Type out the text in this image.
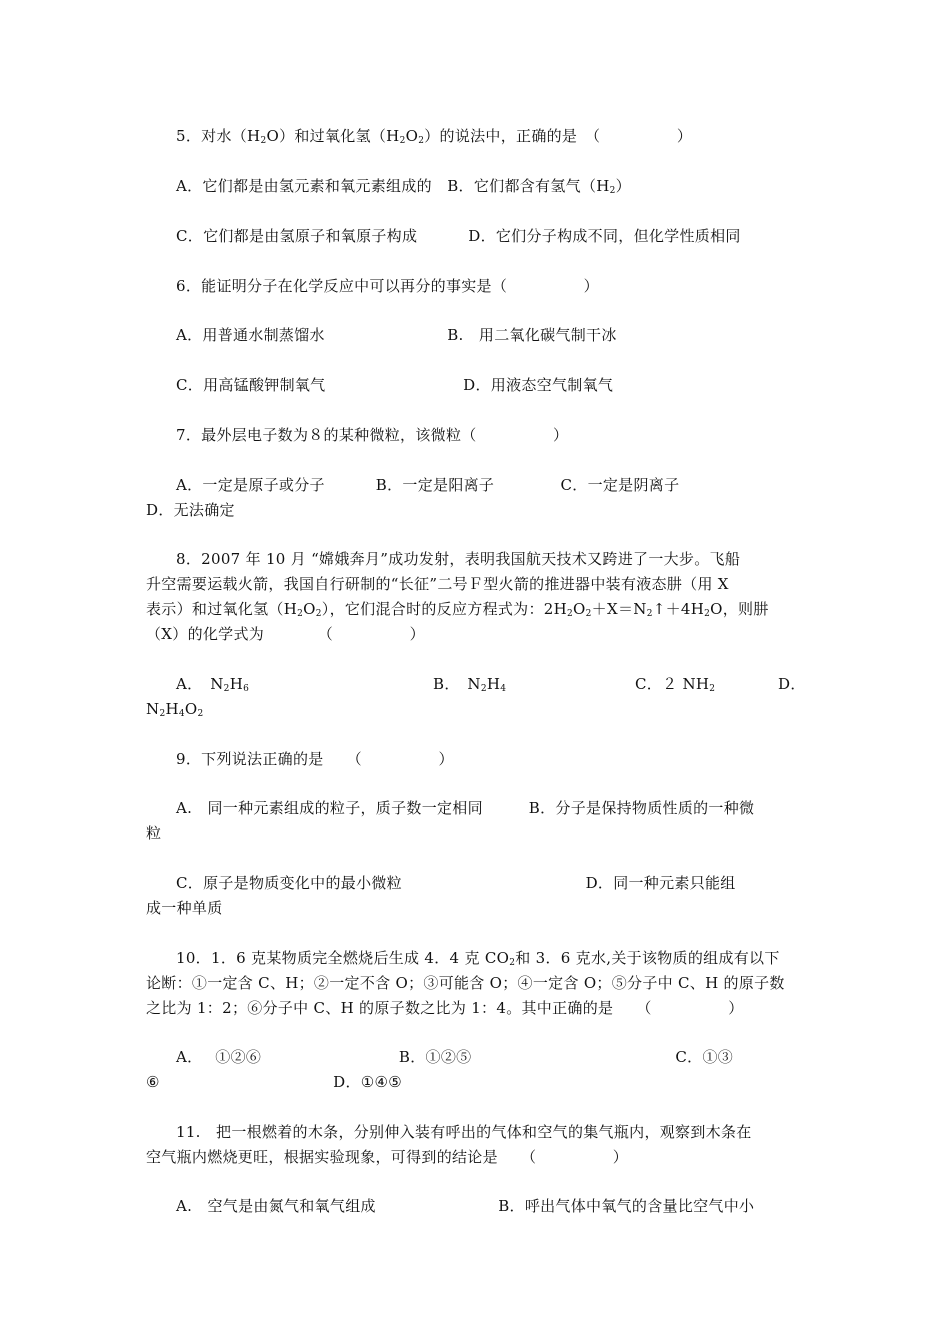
5．对水$(H_2O)$和过氧化氢$(H_2O_2)$的说法中，正确的是　（　　　　　）
A．它们都是由氢元素和氧元素组成的　B．它们都含有氢气$(H_2)$
C．它们都是由氢原子和氧原子构成　　　 D．它们分子构成不同，但化学性质相同
6．能证明分子在化学反应中可以再分的事实是（　　　　　）
A．用普通水制蒸馏水　　　　　　　　B.　用二氧化碳气制干冰
C．用高锰酸钾制氧气　　　　　　　　　D．用液态空气制氧气
7．最外层电子数为８的某种微粒，该微粒（　　　　　）
A．一定是原子或分子　　　 B．一定是阳离子　　　　 C．一定是阴离子
D．无法确定
8．2007 年 10 月 “嫦娥奔月”成功发射，表明我国航天技术又跨进了一大步。飞船
升空需要运载火箭，我国自行研制的“长征”二号Ｆ型火箭的推进器中装有液态肼（用 X
表示）和过氧化氢$(H_2O_2)$，它们混合时的反应方程式为：$2H_2O_2+X=N_2↑+4H_2O$，则肼
（X）的化学式为　　　　（　　　　　）
A．　$N_2H_6$	B．　$N_2H_4$	C．２ $NH_2$	D．
$N_2H_4O_2$
9．下列说法正确的是　　（　　　　　）
A.　同一种元素组成的粒子，质子数一定相同　　　B．分子是保持物质性质的一种微
粒
C．原子是物质变化中的最小微粒　　　　　　　　　　　　D．同一种元素只能组
成一种单质
10．1．6 克某物质完全燃烧后生成 4．4 克 $CO_2$和 3．6 克水,关于该物质的组成有以下
论断：①一定含 C、H；②一定不含 O；③可能含 O；④一定含 O；⑤分子中 C、H 的原子数
之比为 1：2；⑥分子中 C、H 的原子数之比为 1：4。其中正确的是　　（　　　　　）
A．　 ①②⑥　　　　　　　　　B．①②⑤　　　　　　　　　　　　　 C．①③
⑥　　　　　　　　　　　 D．①④⑤
11.　把一根燃着的木条，分别伸入装有呼出的气体和空气的集气瓶内，观察到木条在
空气瓶内燃烧更旺，根据实验现象，可得到的结论是　　（　　　　　）
A.　空气是由氮气和氧气组成　　　　　　　　B．呼出气体中氧气的含量比空气中小
